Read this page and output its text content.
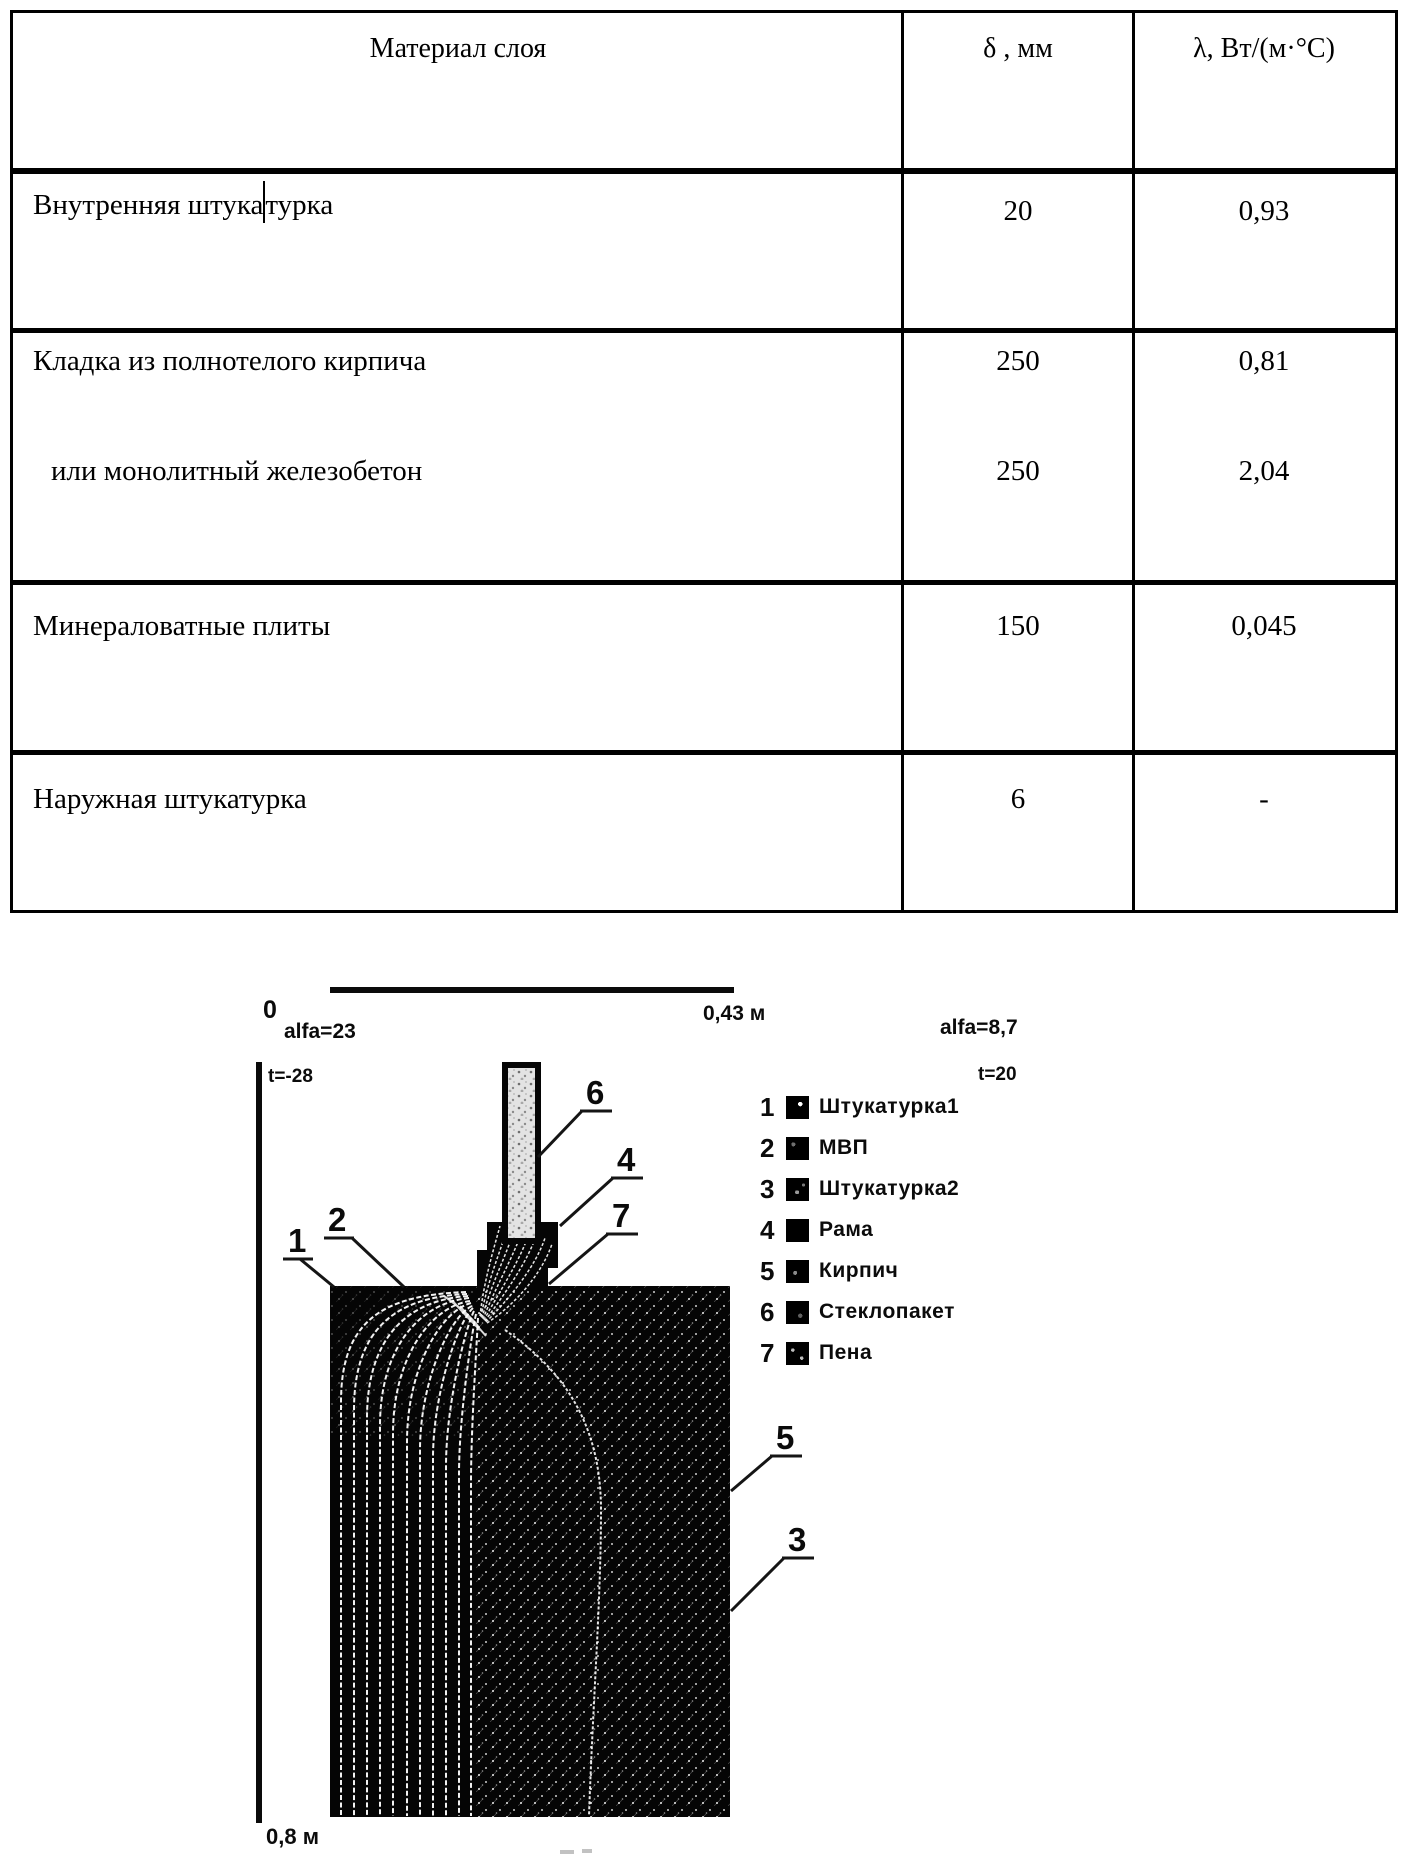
Материал слоя	δ , мм	λ, Вт/(м·°С)
Внутренняя штукатурка	20	0,93
Кладка из полнотелого кирпича	250	0,81
или монолитный железобетон	250	2,04
Минераловатные плиты	150	0,045
Наружная штукатурка	6	-
0	0,43 м
alfa=23	alfa=8,7
t=-28	t=20
0,8 м
1
2
6
4
7
5
3
1	Штукатурка1
2	МВП
3	Штукатурка2
4	Рама
5	Кирпич
6	Стеклопакет
7	Пена
